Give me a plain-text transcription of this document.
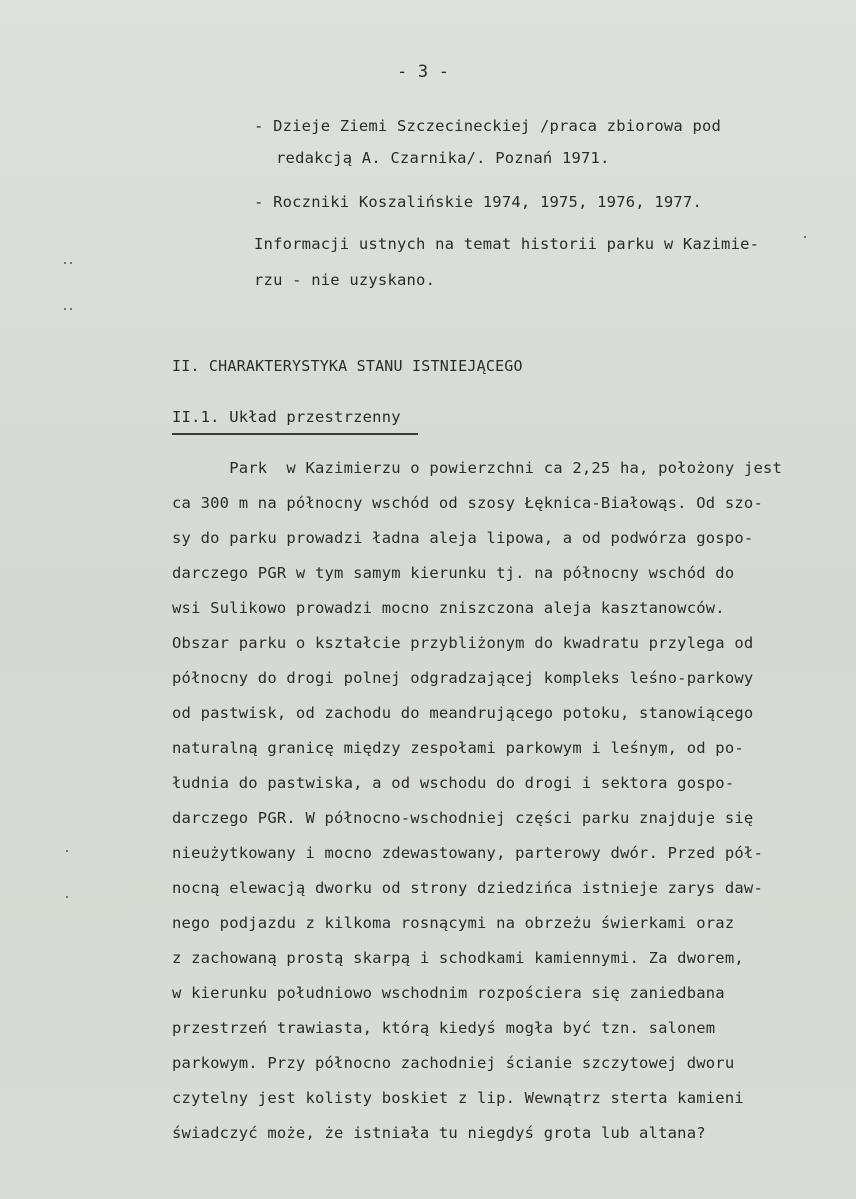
- 3 -
- Dzieje Ziemi Szczecineckiej /praca zbiorowa pod
redakcją A. Czarnika/. Poznań 1971.
- Roczniki Koszalińskie 1974, 1975, 1976, 1977.
Informacji ustnych na temat historii parku w Kazimie-
rzu - nie uzyskano.
II. CHARAKTERYSTYKA STANU ISTNIEJĄCEGO
II.1. Układ przestrzenny
Park  w Kazimierzu o powierzchni ca 2,25 ha, położony jest
ca 300 m na północny wschód od szosy Łęknica-Białowąs. Od szo-
sy do parku prowadzi ładna aleja lipowa, a od podwórza gospo-
darczego PGR w tym samym kierunku tj. na północny wschód do
wsi Sulikowo prowadzi mocno zniszczona aleja kasztanowców.
Obszar parku o kształcie przybliżonym do kwadratu przylega od
północny do drogi polnej odgradzającej kompleks leśno-parkowy
od pastwisk, od zachodu do meandrującego potoku, stanowiącego
naturalną granicę między zespołami parkowym i leśnym, od po-
łudnia do pastwiska, a od wschodu do drogi i sektora gospo-
darczego PGR. W północno-wschodniej części parku znajduje się
nieużytkowany i mocno zdewastowany, parterowy dwór. Przed pół-
nocną elewacją dworku od strony dziedzińca istnieje zarys daw-
nego podjazdu z kilkoma rosnącymi na obrzeżu świerkami oraz
z zachowaną prostą skarpą i schodkami kamiennymi. Za dworem,
w kierunku południowo wschodnim rozpościera się zaniedbana
przestrzeń trawiasta, którą kiedyś mogła być tzn. salonem
parkowym. Przy północno zachodniej ścianie szczytowej dworu
czytelny jest kolisty boskiet z lip. Wewnątrz sterta kamieni
świadczyć może, że istniała tu niegdyś grota lub altana?
